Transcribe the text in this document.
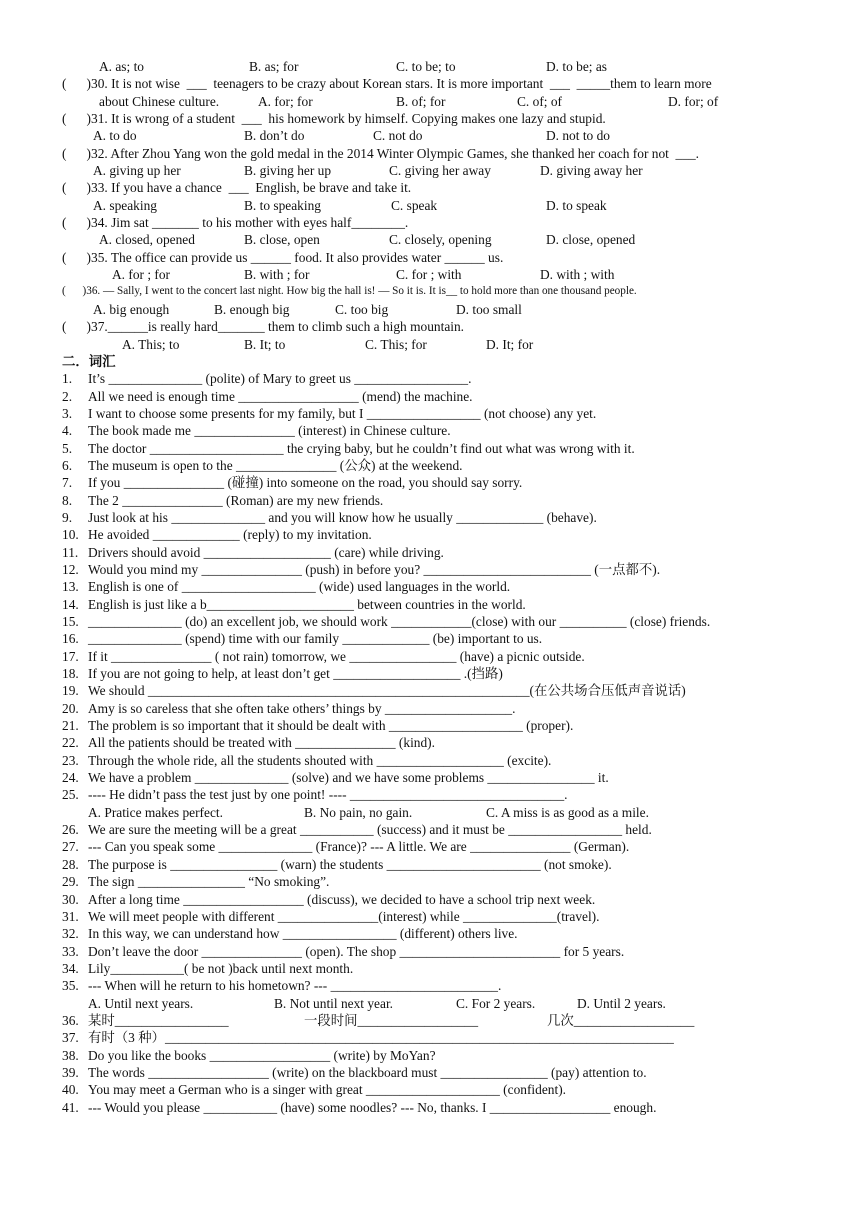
A. as; to

	B. as; for

	C. to be; to

	D. to be; as

(      )30. It is not wise  ___  teenagers to be crazy about Korean stars. It is more important  ___  _____them to learn more

about Chinese culture.

	A. for; for

	B. of; for

	C. of; of

	D. for; of

(      )31. It is wrong of a student  ___  his homework by himself. Copying makes one lazy and stupid.

A. to do

	B. don’t do

	C. not do

	D. not to do

(      )32. After Zhou Yang won the gold medal in the 2014 Winter Olympic Games, she thanked her coach for not  ___.

A. giving up her

	B. giving her up

	C. giving her away

	D. giving away her

(      )33. If you have a chance  ___  English, be brave and take it.

A. speaking

	B. to speaking

	C. speak

	D. to speak

(      )34. Jim sat _______ to his mother with eyes half________.

A. closed, opened

	B. close, open

	C. closely, opening

	D. close, opened

(      )35. The office can provide us ______ food. It also provides water ______ us.

A. for ; for

	B. with ; for

	C. for ; with

	D. with ; with

(      )36. — Sally, I went to the concert last night. How big the hall is! — So it is. It is__ to hold more than one thousand people.

A. big enough

	B. enough big

	C. too big

	D. too small

(      )37.______is really hard_______ them to climb such a high mountain.

A. This; to

	B. It; to

	C. This; for

	D. It; for

二．词汇

1. It’s ______________ (polite) of Mary to greet us _________________.
2. All we need is enough time __________________ (mend) the machine.
3. I want to choose some presents for my family, but I _________________ (not choose) any yet.
4. The book made me _______________ (interest) in Chinese culture.
5. The doctor ____________________ the crying baby, but he couldn’t find out what was wrong with it.
6. The museum is open to the _______________ (公众) at the weekend.
7. If you _______________ (碰撞) into someone on the road, you should say sorry.
8. The 2 _______________ (Roman) are my new friends.
9. Just look at his ______________ and you will know how he usually _____________ (behave).
10. He avoided _____________ (reply) to my invitation.
11. Drivers should avoid ___________________ (care) while driving.
12. Would you mind my _______________ (push) in before you? _________________________ (一点都不).
13. English is one of ____________________ (wide) used languages in the world.
14. English is just like a b______________________ between countries in the world.
15. ______________ (do) an excellent job, we should work ____________(close) with our __________ (close) friends.
16. ______________ (spend) time with our family _____________ (be) important to us.
17. If it _______________ ( not rain) tomorrow, we ________________ (have) a picnic outside.
18. If you are not going to help, at least don’t get ___________________ .(挡路)
19. We should _________________________________________________________(在公共场合压低声音说话)
20. Amy is so careless that she often take others’ things by ___________________.
21. The problem is so important that it should be dealt with ____________________ (proper).
22. All the patients should be treated with _______________ (kind).
23. Through the whole ride, all the students shouted with ___________________ (excite).
24. We have a problem ______________ (solve) and we have some problems ________________ it.
25. ---- He didn’t pass the test just by one point! ---- ________________________________.

A. Pratice makes perfect.

	B. No pain, no gain.

	C. A miss is as good as a mile.

26. We are sure the meeting will be a great ___________ (success) and it must be _________________ held.
27. --- Can you speak some ______________ (France)? --- A little. We are _______________ (German).
28. The purpose is ________________ (warn) the students _______________________ (not smoke).
29. The sign ________________ “No smoking”.
30. After a long time __________________ (discuss), we decided to have a school trip next week.
31. We will meet people with different _______________(interest) while ______________(travel).
32. In this way, we can understand how _________________ (different) others live.
33. Don’t leave the door _______________ (open). The shop ________________________ for 5 years.
34. Lily___________( be not )back until next month.
35. --- When will he return to his hometown? --- _________________________.

A. Until next years.

	B. Not until next year.

	C. For 2 years.

	D. Until 2 years.

36.

某时_________________

	一段时间__________________

	几次__________________

37.

有时（3 种）____________________________________________________________________________

38. Do you like the books __________________ (write) by MoYan?
39. The words __________________ (write) on the blackboard must ________________ (pay) attention to.
40. You may meet a German who is a singer with great ____________________ (confident).
41. --- Would you please ___________ (have) some noodles? --- No, thanks. I __________________ enough.
